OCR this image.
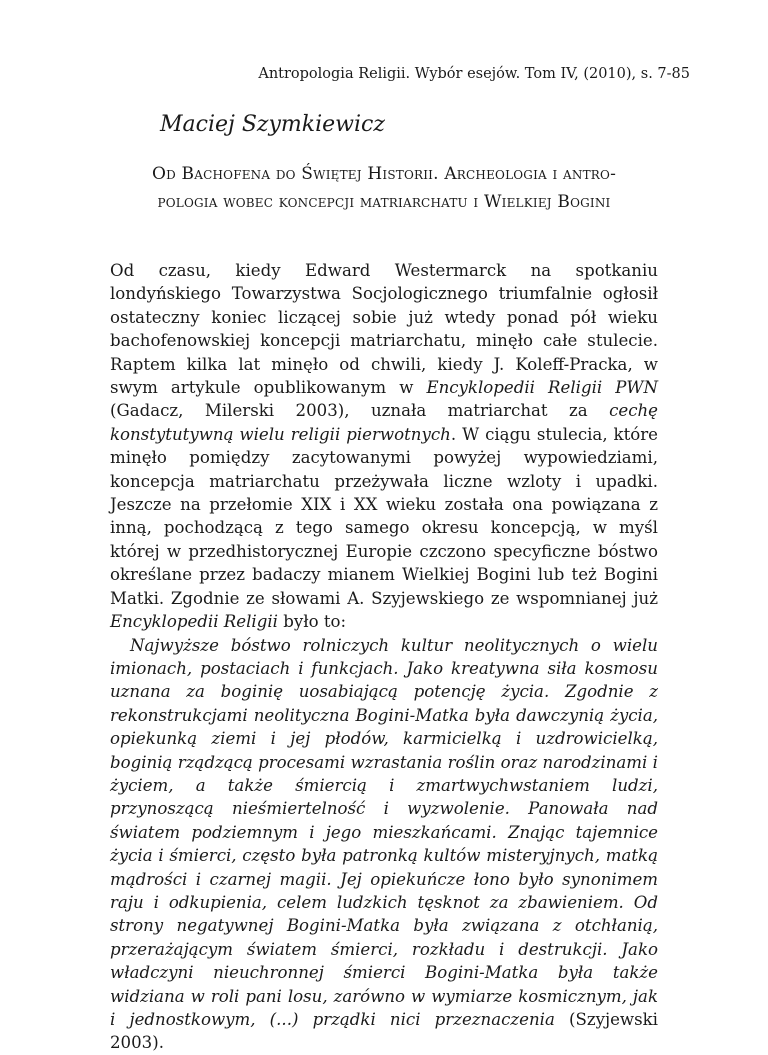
Antropologia Religii. Wybór esejów. Tom IV, (2010), s. 7-85
Maciej Szymkiewicz
Od Bachofena do Świętej Historii. Archeologia i antro-
pologia wobec koncepcji matriarchatu i Wielkiej Bogini

Od czasu, kiedy Edward Westermarck na spotkaniu londyńskiego Towarzystwa Socjologicznego triumfalnie ogłosił ostateczny koniec liczącej sobie już wtedy ponad pół wieku bachofenowskiej koncepcji matriarchatu, minęło całe stulecie. Raptem kilka lat minęło od chwili, kiedy J. Koleff-Pracka, w swym artykule opublikowanym w Encyklopedii Religii PWN (Gadacz, Milerski 2003), uznała matriarchat za cechę konstytutywną wielu religii pierwotnych. W ciągu stulecia, które minęło pomiędzy zacytowanymi powyżej wypowiedziami, koncepcja matriarchatu przeżywała liczne wzloty i upadki. Jeszcze na przełomie XIX i XX wieku została ona powiązana z inną, pochodzącą z tego samego okresu koncepcją, w myśl której w przedhistorycznej Europie czczono specyficzne bóstwo określane przez badaczy mianem Wielkiej Bogini lub też Bogini Matki. Zgodnie ze słowami A. Szyjewskiego ze wspomnianej już Encyklopedii Religii było to:

Najwyższe bóstwo rolniczych kultur neolitycznych o wielu imionach, postaciach i funkcjach. Jako kreatywna siła kosmosu uznana za boginię uosabiającą potencję życia. Zgodnie z rekonstrukcjami neolityczna Bogini-Matka była dawczynią życia, opiekunką ziemi i jej płodów, karmicielką i uzdrowicielką, boginią rządzącą procesami wzrastania roślin oraz narodzinami i życiem, a także śmiercią i zmartwychwstaniem ludzi, przynoszącą nieśmiertelność i wyzwolenie. Panowała nad światem podziemnym i jego mieszkańcami. Znając tajemnice życia i śmierci, często była patronką kultów misteryjnych, matką mądrości i czarnej magii. Jej opiekuńcze łono było synonimem raju i odkupienia, celem ludzkich tęsknot za zbawieniem. Od strony negatywnej Bogini-Matka była związana z otchłanią, przerażającym światem śmierci, rozkładu i destrukcji. Jako władczyni nieuchronnej śmierci Bogini-Matka była także widziana w roli pani losu, zarówno w wymiarze kosmicznym, jak i jednostkowym, (...) prządki nici przeznaczenia (Szyjewski 2003).
